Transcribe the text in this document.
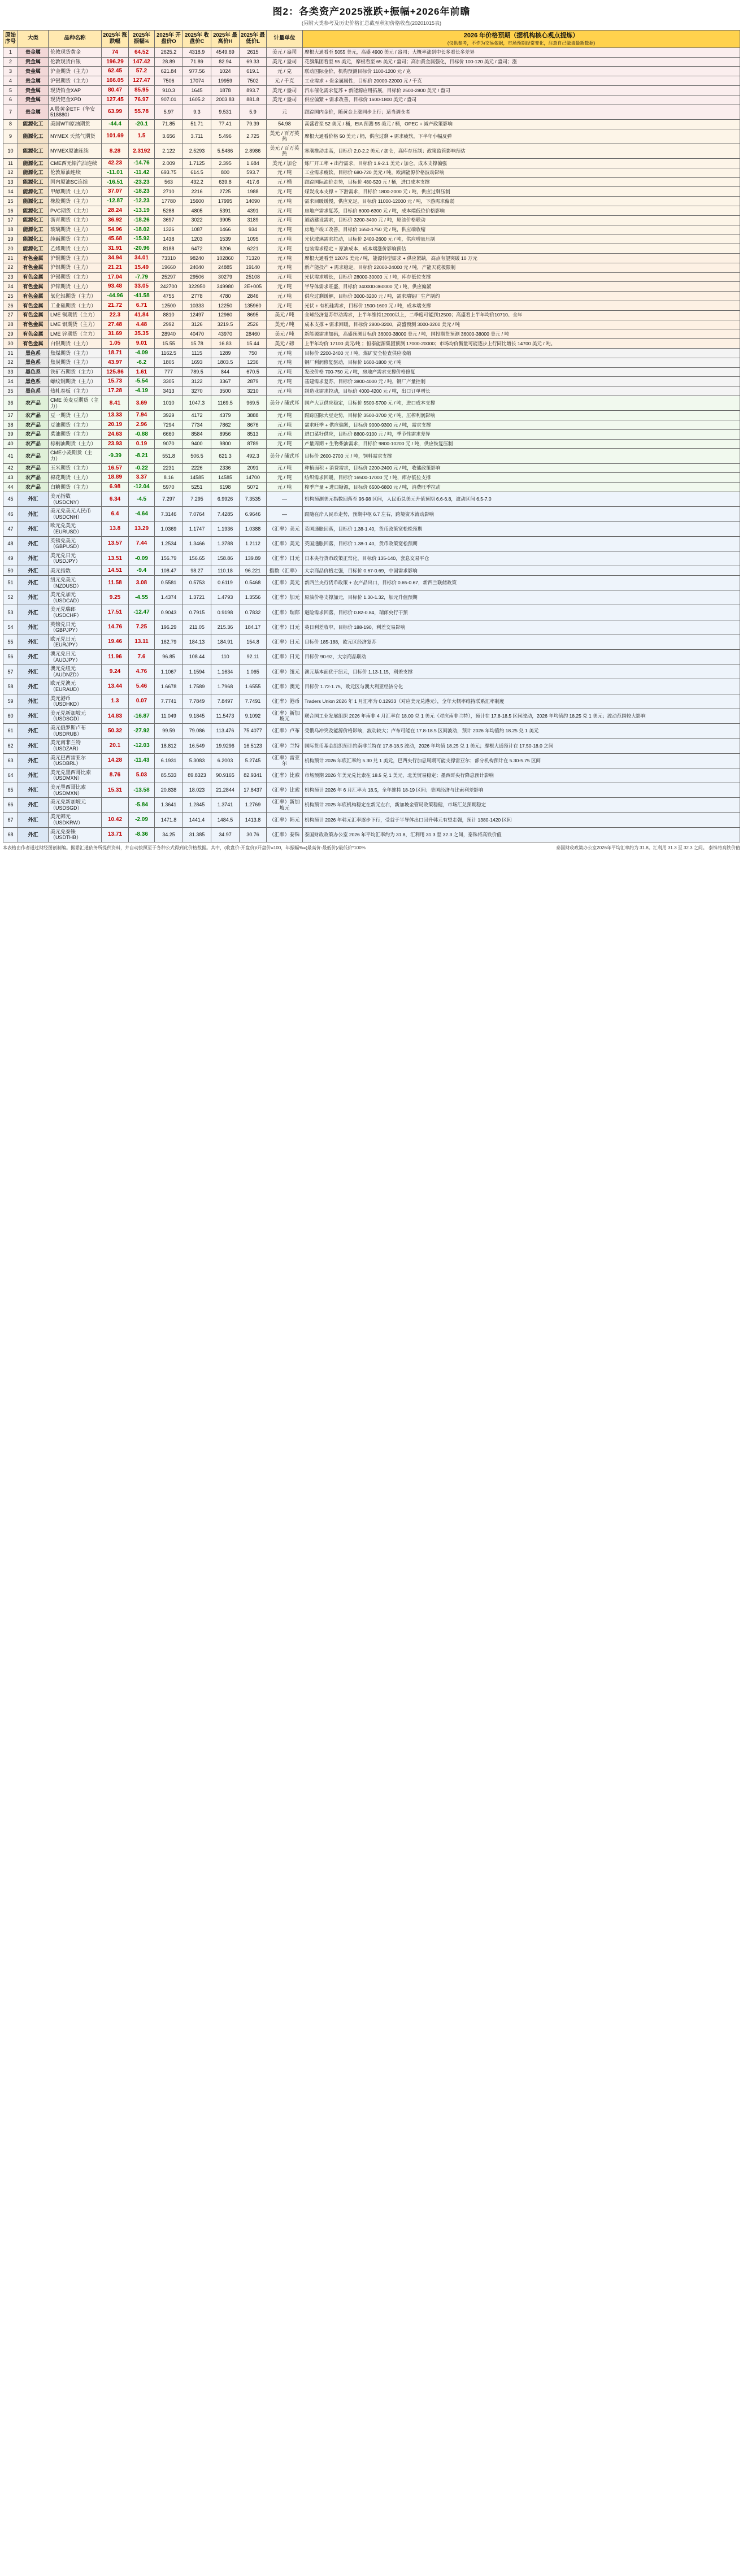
图2：各类资产2025涨跌+振幅+2026年前瞻
(另附大类参考及历史价格汇总截至秋初价格收盘(20201015表)
原始序号	大类	品种名称	2025年 涨跌幅	2025年 振幅%	2025年 开盘价O	2025年 收盘价C	2025年 最高价H	2025年 最低价L	计量单位	2026 年价格预期（据机构核心观点提炼）
(仅供参考，不作为交易依据，市场预期经常变化，注意自己做请最新数据)

1	贵金属	伦敦现货黄金	74	64.52	2625.2	4318.9	4549.69	2615	美元 / 盎司	摩根大通看至 5055 美元，高盛 4900 美元 / 盎司；大概率涨到中长多看长多差异
2	贵金属	伦敦现货白银	196.29	147.42	28.89	71.89	82.94	69.33	美元 / 盎司	花旗集团看至 55 美元，摩根看至 65 美元 / 盎司；高加黄金属强化，目标价 100-120 美元 / 盎司；涨
3	贵金属	沪金期货（主力）	62.45	57.2	621.84	977.56	1024	619.1	元 / 克	联动国际金价，机构预测目标价 1100-1200 元 / 克
4	贵金属	沪银期货（主力）	166.05	127.47	7506	17074	19959	7502	元 / 千克	工业需求 + 贵金属属性，目标价 20000-22000 元 / 千克
5	贵金属	现货铂金XAP	80.47	85.95	910.3	1645	1878	893.7	美元 / 盎司	汽车催化需求复苏 + 新能源应用拓展，目标价 2500-2800 美元 / 盎司
6	贵金属	现货钯金XPD	127.45	76.97	907.01	1605.2	2003.83	881.8	美元 / 盎司	供应偏紧 + 需求改善，目标价 1600-1800 美元 / 盎司
7	贵金属	A 股黄金ETF（华安 518880）	63.99	55.78	5.97	9.3	9.531	5.9	元	跟踪国内金价，随黄金上涨同步上行；适当调仓者
8	能源化工	美国WTI原油期货	-44.4	-20.1	71.85	51.71	77.41	79.39	54.98	高盛看至 52 美元 / 桶，EIA 预测 55 美元 / 桶，OPEC + 减产政策影响
9	能源化工	NYMEX 天然气期货	101.69	1.5	3.656	3.711	5.496	2.725	美元 / 百万英热	摩根大通看价格 50 美元 / 桶，供应过剩 + 需求疲软，下半年小幅反弹
10	能源化工	NYMEX原油连续	8.28	2.3192	2.122	2.5293	5.5486	2.8986	美元 / 百万英热	寒潮推动走高，目标价 2.0-2.2 美元 / 加仑，高库存压制；政策监管影响预估
11	能源化工	CME西无铅汽油连续	42.23	-14.76	2.009	1.7125	2.395	1.684	美元 / 加仑	炼厂开工率 + 出行需求，目标价 1.9-2.1 美元 / 加仑，成本支撑偏强
12	能源化工	伦敦原油连续	-11.01	-11.42	693.75	614.5	800	593.7	元 / 吨	工业需求疲软，目标价 680-720 美元 / 吨，欧洲能源价格波动影响
13	能源化工	国内原油SC连续	-16.51	-23.23	563	432.2	639.8	417.6	元 / 桶	跟踪国际油价走势，目标价 480-520 元 / 桶，进口成本支撑
14	能源化工	甲醇期货（主力）	37.07	-18.23	2710	2216	2725	1988	元 / 吨	煤炭成本支撑 + 下游需求，目标价 1800-2000 元 / 吨，供应过剩压制
15	能源化工	橡胶期货（主力）	-12.87	-12.23	17780	15600	17995	14090	元 / 吨	需求回暖缓慢，供应充足，目标价 11000-12000 元 / 吨，下游需求偏弱
16	能源化工	PVC期货（主力）	28.24	-13.19	5288	4805	5391	4391	元 / 吨	房地产需求复苏，目标价 6000-6300 元 / 吨，成本端低位价格影响
17	能源化工	沥青期货（主力）	36.92	-18.26	3697	3022	3905	3189	元 / 吨	道路建设需求，目标价 3200-3400 元 / 吨，原油价格联动
18	能源化工	玻璃期货（主力）	54.96	-18.02	1326	1087	1466	934	元 / 吨	房地产竣工改善，目标价 1650-1750 元 / 吨，供应端收缩
19	能源化工	纯碱期货（主力）	45.68	-15.92	1438	1203	1539	1095	元 / 吨	光伏玻璃需求拉动，目标价 2400-2600 元 / 吨，供应增量压制
20	能源化工	乙烯期货（主力）	31.91	-20.96	8188	6472	8206	6221	元 / 吨	包装需求稳定 + 原油成本，成本端涨价影响预估
21	有色金属	沪铜期货（主力）	34.94	34.01	73310	98240	102860	71320	元 / 吨	摩根大通看至 12075 美元 / 吨，能源转型需求 + 供应紧缺，高点有望突破 10 万元
22	有色金属	沪铝期货（主力）	21.21	15.49	19660	24040	24885	19140	元 / 吨	新产能投产 + 需求稳定，目标价 22000-24000 元 / 吨，产能天花板限制
23	有色金属	沪锡期货（主力）	17.04	-7.79	25297	29506	30279	25108	元 / 吨	光伏需求增长，目标价 28000-30000 元 / 吨，库存低位支撑
24	有色金属	沪锌期货（主力）	93.48	33.05	242700	322950	349980	2E+005	元 / 吨	半导体需求旺盛，目标价 340000-360000 元 / 吨，供应偏紧
25	有色金属	氧化铝期货（主力）	-44.96	-41.58	4755	2778	4780	2846	元 / 吨	供应过剩缓解，目标价 3000-3200 元 / 吨，需求端铝厂生产制约
26	有色金属	工业硅期货（主力）	21.72	6.71	12500	10333	12250	135960	元 / 吨	光伏 + 有机硅需求，目标价 1500-1600 元 / 吨，成本端支撑
27	有色金属	LME 铜期货（主力）	22.3	41.84	8810	12497	12960	8695	美元 / 吨	全球经济复苏带动需求，上半年维持12000以上，二季度可能到12500；高盛看上半年均价10710、全年
28	有色金属	LME 铝期货（主力）	27.48	4.48	2992	3126	3219.5	2526	美元 / 吨	成本支撑 + 需求回暖，目标价 2800-3200，高盛预测 3000-3200 美元 / 吨
29	有色金属	LME 锌期货（主力）	31.69	35.35	28940	40470	43970	28460	美元 / 吨	新能源需求加码，高盛预测目标价 36000-38000 美元 / 吨，国投期货预测 36000-38000 美元 / 吨
30	有色金属	白银期货（主力）	1.05	9.01	15.55	15.78	16.83	15.44	美元 / 磅	上半年均价 17100 美元/吨 ；恒泰能源集团预测 17000-20000；市场均价衡量可能逐步上行同比增长 14700 美元 / 吨。
31	黑色系	焦煤期货（主力）	18.71	-4.09	1162.5	1115	1289	750	元 / 吨	目标价 2200-2400 元 / 吨，煤矿安全检查供应收缩
32	黑色系	焦炭期货（主力）	43.97	-6.2	1805	1693	1803.5	1236	元 / 吨	钢厂利润修复驱动，目标价 1600-1800 元 / 吨
33	黑色系	铁矿石期货（主力）	125.86	1.61	777	789.5	844	670.5	元 / 吨	发改价格 700-750 元 / 吨，房地产需求支撑价格修复
34	黑色系	螺纹钢期货（主力）	15.73	-5.54	3305	3122	3367	2879	元 / 吨	基建需求复苏，目标价 3800-4000 元 / 吨，钢厂产量控制
35	黑色系	热轧卷板（主力）	17.28	-4.19	3413	3270	3500	3210	元 / 吨	制造业需求拉动，目标价 4000-4200 元 / 吨，出口订单增长
36	农产品	CME 美麦豆期货（主力）	8.41	3.69	1010	1047.3	1169.5	969.5	美分 / 蒲式耳	国产大豆供应稳定，目标价 5500-5700 元 / 吨，进口成本支撑
37	农产品	豆一期货（主力）	13.33	7.94	3929	4172	4379	3888	元 / 吨	跟踪国际大豆走势，目标价 3500-3700 元 / 吨，压榨利润影响
38	农产品	豆油期货（主力）	20.19	2.96	7294	7734	7862	8676	元 / 吨	需求旺季 + 供应偏紧，目标价 9000-9300 元 / 吨，需求支撑
39	农产品	菜油期货（主力）	24.63	-0.88	6660	8584	8956	8513	元 / 吨	进口菜籽供应，目标价 8800-9100 元 / 吨，季节性需求差异
40	农产品	棕榈油期货（主力）	23.93	0.19	9070	9400	9800	8789	元 / 吨	产量周期 + 生物柴油需求，目标价 9800-10200 元 / 吨，供应恢复压制
41	农产品	CME小麦期货（主力）	-9.39	-8.21	551.8	506.5	621.3	492.3	美分 / 蒲式耳	目标价 2600-2700 元 / 吨，饲料需求支撑
42	农产品	玉米期货（主力）	16.57	-0.22	2231	2226	2336	2091	元 / 吨	种植面积 + 消费需求，目标价 2200-2400 元 / 吨，收储政策影响
43	农产品	棉花期货（主力）	18.89	3.37	8.16	14585	14585	14700	元 / 吨	纺织需求回暖，目标价 16500-17000 元 / 吨，库存低位支撑
44	农产品	白糖期货（主力）	6.98	-12.04	5970	5251	6198	5072	元 / 吨	榨季产量 + 进口糖源，目标价 6500-6800 元 / 吨，消费旺季拉动
45	外汇	美元指数（USDCNY）	6.34	-4.5	7.297	7.295	6.9926	7.3535	—	机构预测美元指数回落至 96-98 区间，人民币兑美元升值预期 6.6-6.8，波动区间 6.5-7.0
46	外汇	美元兑美元人民币（USDCNH）	6.4	-4.64	7.3146	7.0764	7.4285	6.9646	—	跟随在岸人民币走势，预期中枢 6.7 左右，跨境资本流动影响
47	外汇	欧元兑美元（EURUSD）	13.8	13.29	1.0369	1.1747	1.1936	1.0388	（汇率）美元	英国通胀回落，目标价 1.38-1.40，货币政策宽松松预期
48	外汇	英镑兑美元（GBPUSD）	13.57	7.44	1.2534	1.3466	1.3788	1.2112	（汇率）美元	英国通胀回落，目标价 1.38-1.40，货币政策宽松预期
49	外汇	美元兑日元（USDJPY）	13.51	-0.09	156.79	156.65	158.86	139.89	（汇率）日元	日本央行货币政策正常化，目标价 135-140，套息交易平仓
50	外汇	美元指数	14.51	-9.4	108.47	98.27	110.18	96.221	指数（汇率）	大宗商品价格走强，目标价 0.67-0.69，中国需求影响
51	外汇	纽元兑美元（NZDUSD）	11.58	3.08	0.5581	0.5753	0.6119	0.5468	（汇率）美元	新西兰央行货币政策 + 农产品出口，目标价 0.65-0.67，新西兰联储政策
52	外汇	美元兑加元（USDCAD）	9.25	-4.55	1.4374	1.3721	1.4793	1.3556	（汇率）加元	原油价格支撑加元，目标价 1.30-1.32，加元升值预期
53	外汇	美元兑瑞郎（USDCHF）	17.51	-12.47	0.9043	0.7915	0.9198	0.7832	（汇率）瑞郎	避险需求回落，目标价 0.82-0.84，瑞郎央行干预
54	外汇	英镑兑日元（GBPJPY）	14.76	7.25	196.29	211.05	215.36	184.17	（汇率）日元	英日利差收窄，目标价 188-190，利差交易影响
55	外汇	欧元兑日元（EURJPY）	19.46	13.11	162.79	184.13	184.91	154.8	（汇率）日元	目标价 185-188，欧元区经济复苏
56	外汇	澳元兑日元（AUDJPY）	11.96	7.6	96.85	108.44	110	92.11	（汇率）日元	目标价 90-92，大宗商品联动
57	外汇	澳元兑纽元（AUDNZD）	9.24	4.76	1.1067	1.1594	1.1634	1.065	（汇率）纽元	澳元基本面优于纽元，目标价 1.13-1.15，利差支撑
58	外汇	欧元兑澳元（EURAUD）	13.44	5.46	1.6678	1.7589	1.7968	1.6555	（汇率）澳元	目标价 1.72-1.75，欧元区与澳大利亚经济分化
59	外汇	美元港币（USDHKD）	1.3	0.07	7.7741	7.7849	7.8497	7.7491	（汇率）港币	Traders Union 2026 年 1 月汇率为 0.12933（对应美元兑港元），全年大概率维持联系汇率制度
60	外汇	美元兑新加坡元（USDSGD）	14.83	-16.87	11.049	9.1845	11.5473	9.1092	（汇率）新加坡元	联合国工业发展组织 2026 年南非 4 月汇率在 18.00 兑 1 美元（对应南非兰特），预计在 17.8-18.5 区间波动，2026 年均值约 18.25 兑 1 美元；波动范围较大影响
61	外汇	美元俄罗斯卢布（USDRUB）	50.32	-27.92	99.59	79.086	113.476	75.4077	（汇率）卢布	受俄乌冲突及能源价格影响，波动较大；卢布可能在 17.8-18.5 区间波动，预计 2026 年均值约 18.25 兑 1 美元
62	外汇	美元南非兰特（USDZAR）	20.1	-12.03	18.812	16.549	19.9296	16.5123	（汇率）兰特	国际货币基金组织预计约南非兰特在 17.8-18.5 波动，2026 年均值 18.25 兑 1 美元；摩根大通预计在 17.50-18.0 之间
63	外汇	美元巴西雷亚尔（USDBRL）	14.28	-11.43	6.1931	5.3083	6.2003	5.2745	（汇率）雷亚尔	机构预计 2026 年底汇率约 5.30 兑 1 美元，巴西央行加息周期可能支撑雷亚尔；部分机构预计在 5.30-5.75 区间
64	外汇	美元兑墨西哥比索（USDMXN）	8.76	5.03	85.533	89.8323	90.9165	82.9341	（汇率）比索	市场预期 2026 年美元兑比索在 18.5 兑 1 美元，北美贸易稳定；墨西哥央行降息预计影响
65	外汇	美元墨西哥比索（USDMXN）	15.31	-13.58	20.838	18.023	21.2844	17.8437	（汇率）比索	机构预计 2026 年 6 月汇率为 18.5，全年维持 18-19 区间；美国经济与比索利差影响
66	外汇	美元兑新加坡元（USDSGD）		-5.84	1.3641	1.2845	1.3741	1.2769	（汇率）新加坡元	机构预计 2025 年底机构稳定在新元左右，新加坡金管局政策稳健，市场汇兑预期稳定
67	外汇	美元韩元（USDKRW）	10.42	-2.09	1471.8	1441.4	1484.5	1413.8	（汇率）韩元	机构预计 2026 年韩元汇率逐步下行，受益于半导体出口回升韩元有望走强，预计 1380-1420 区间
68	外汇	美元兑泰铢（USDTHB）	13.71	-8.36	34.25	31.385	34.97	30.76	（汇率）泰铢	泰国财政政策办公室 2026 年平均汇率约为 31.8，汇利用 31.3 至 32.3 之间，泰铢将高铁价值
本表格由作者通过财经图创制编。据悉汇通依务所提供资料，并自动按照至于各种公式得到此价格数据。其中，(收盘价-开盘价)/开盘价=100，年振幅%=(最高价-最低价)/最低价*100%	泰国财政政策办公室2026年平均汇率约为 31.8。汇利用 31.3 至 32.3 之间。 泰铢将高铁价值
